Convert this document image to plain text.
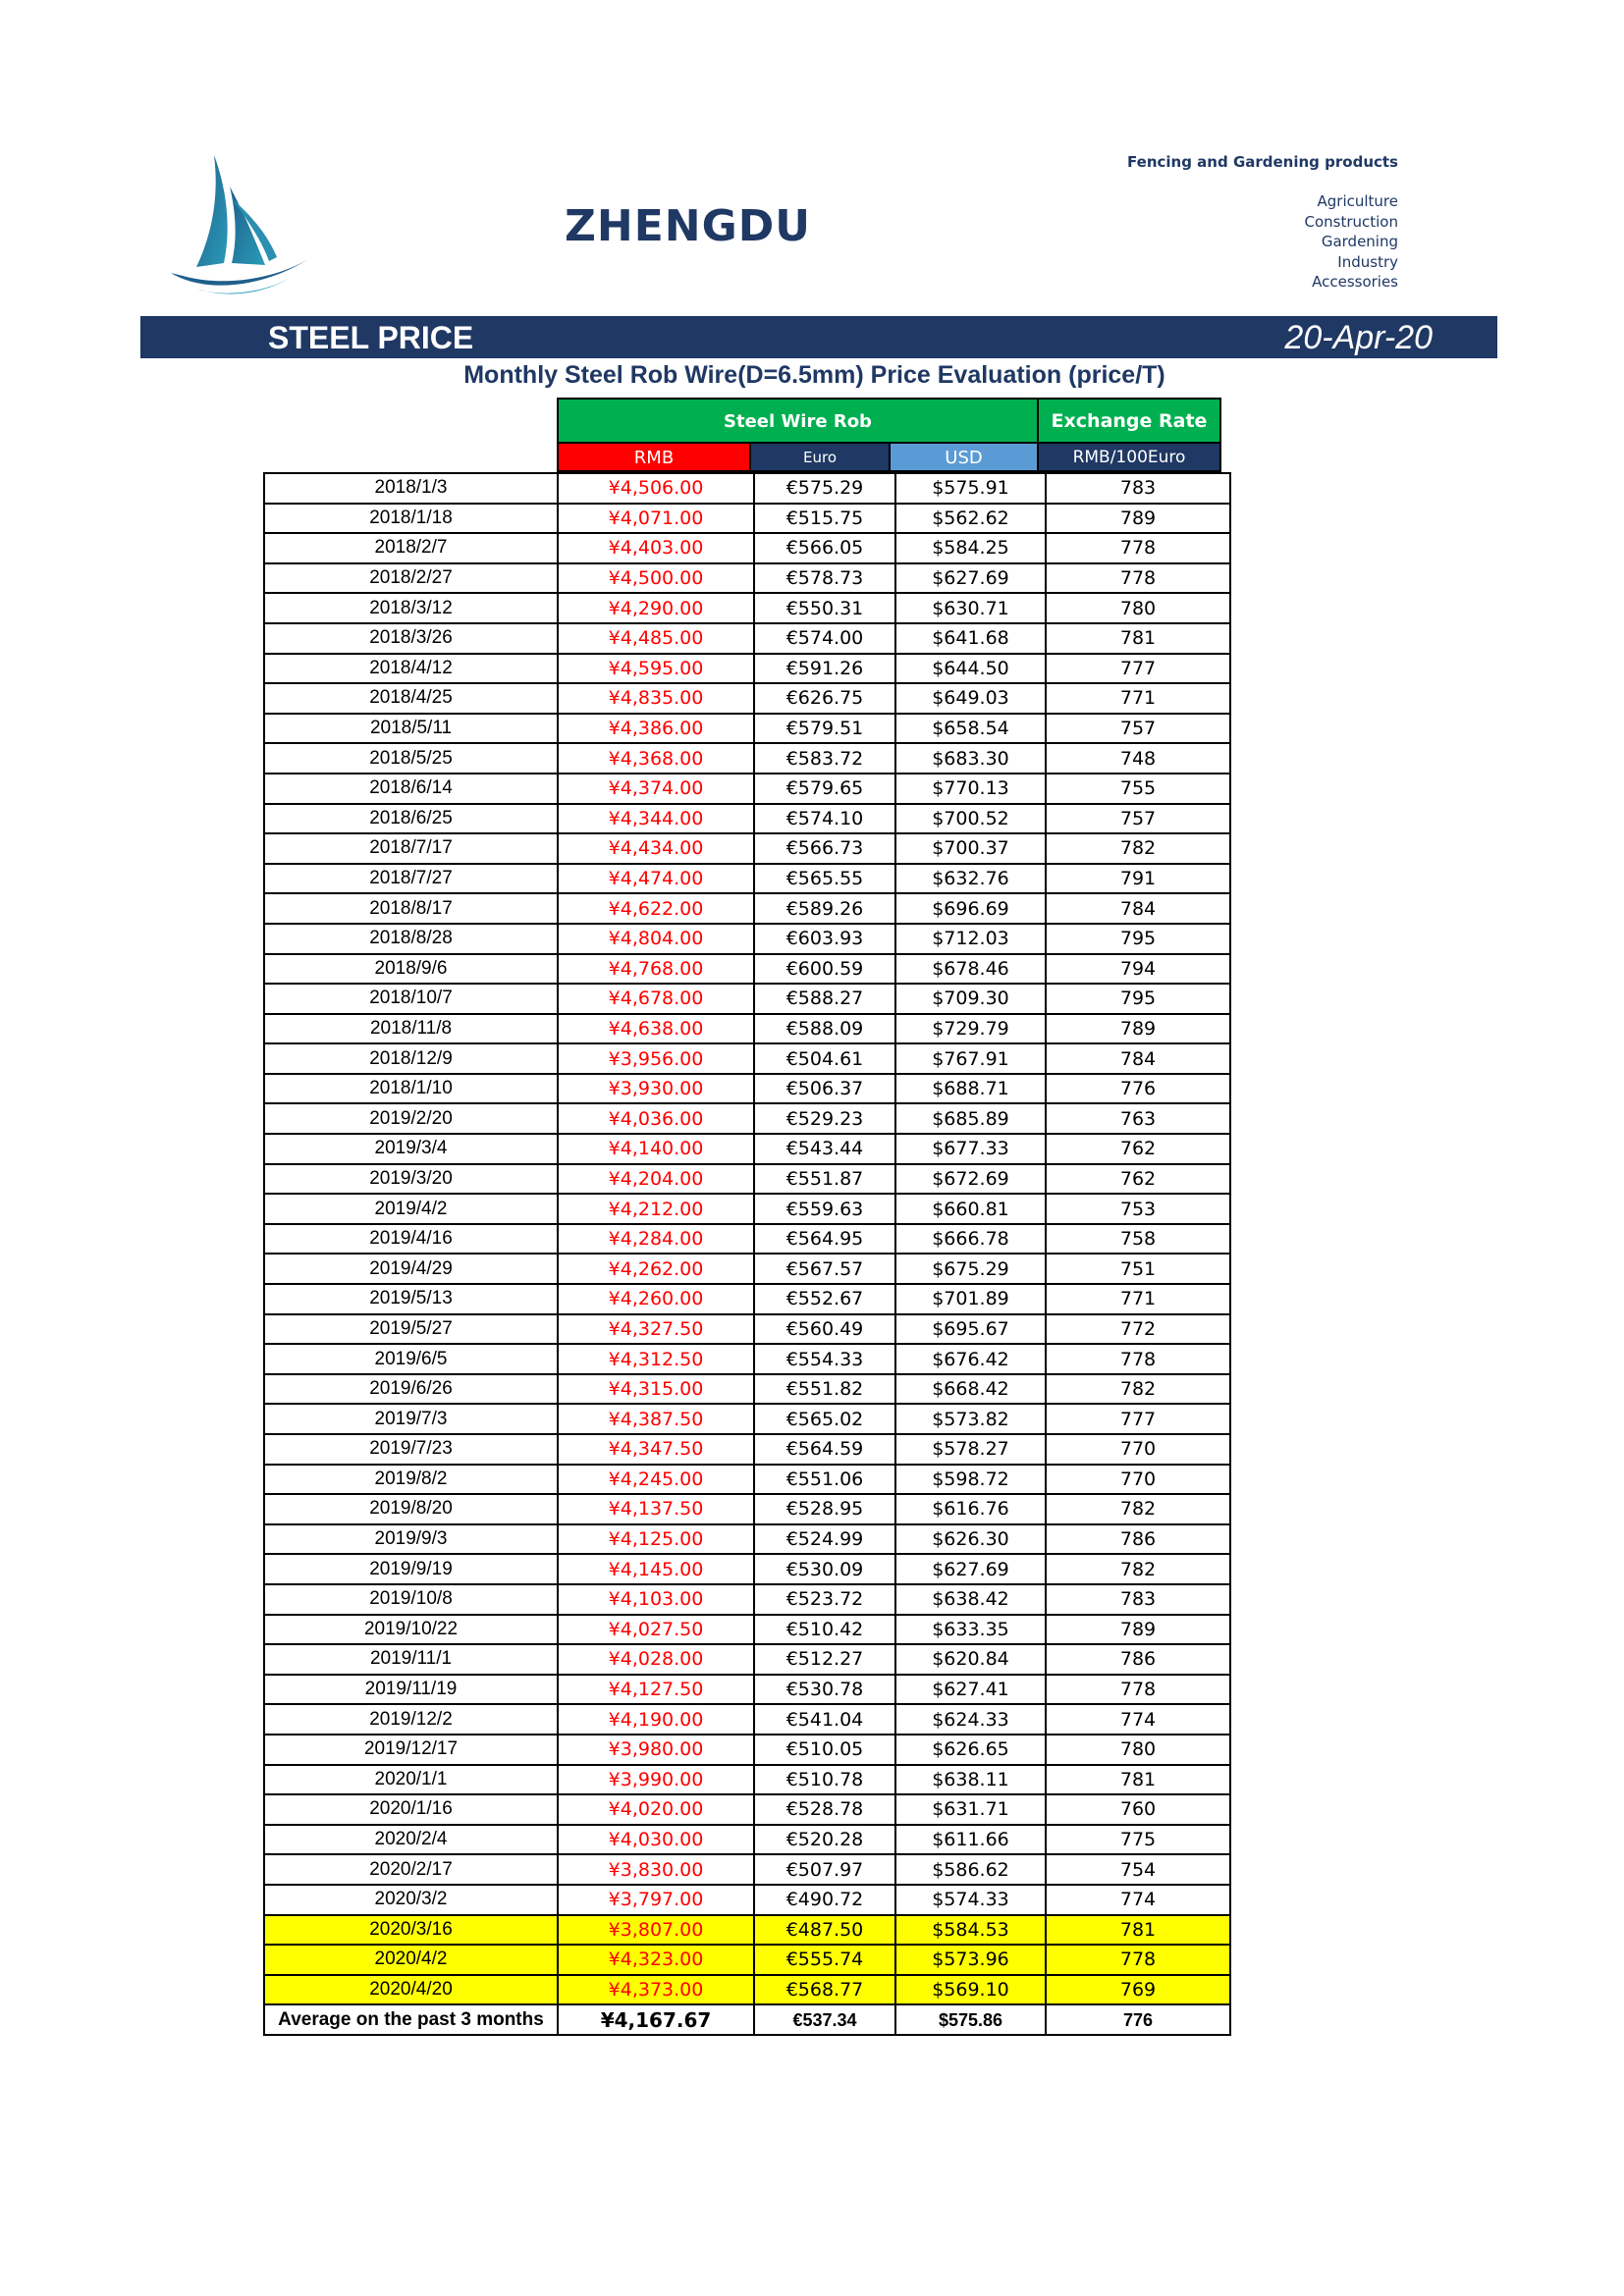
ZHENGDU
Fencing and Gardening products
Agriculture
Construction
Gardening
Industry
Accessories
STEEL PRICE	20-Apr-20
Monthly Steel Rob Wire(D=6.5mm) Price Evaluation (price/T)
Steel Wire Rob	Exchange Rate
RMB	Euro	USD	RMB/100Euro
2018/1/3	¥4,506.00	€575.29	$575.91	783
2018/1/18	¥4,071.00	€515.75	$562.62	789
2018/2/7	¥4,403.00	€566.05	$584.25	778
2018/2/27	¥4,500.00	€578.73	$627.69	778
2018/3/12	¥4,290.00	€550.31	$630.71	780
2018/3/26	¥4,485.00	€574.00	$641.68	781
2018/4/12	¥4,595.00	€591.26	$644.50	777
2018/4/25	¥4,835.00	€626.75	$649.03	771
2018/5/11	¥4,386.00	€579.51	$658.54	757
2018/5/25	¥4,368.00	€583.72	$683.30	748
2018/6/14	¥4,374.00	€579.65	$770.13	755
2018/6/25	¥4,344.00	€574.10	$700.52	757
2018/7/17	¥4,434.00	€566.73	$700.37	782
2018/7/27	¥4,474.00	€565.55	$632.76	791
2018/8/17	¥4,622.00	€589.26	$696.69	784
2018/8/28	¥4,804.00	€603.93	$712.03	795
2018/9/6	¥4,768.00	€600.59	$678.46	794
2018/10/7	¥4,678.00	€588.27	$709.30	795
2018/11/8	¥4,638.00	€588.09	$729.79	789
2018/12/9	¥3,956.00	€504.61	$767.91	784
2018/1/10	¥3,930.00	€506.37	$688.71	776
2019/2/20	¥4,036.00	€529.23	$685.89	763
2019/3/4	¥4,140.00	€543.44	$677.33	762
2019/3/20	¥4,204.00	€551.87	$672.69	762
2019/4/2	¥4,212.00	€559.63	$660.81	753
2019/4/16	¥4,284.00	€564.95	$666.78	758
2019/4/29	¥4,262.00	€567.57	$675.29	751
2019/5/13	¥4,260.00	€552.67	$701.89	771
2019/5/27	¥4,327.50	€560.49	$695.67	772
2019/6/5	¥4,312.50	€554.33	$676.42	778
2019/6/26	¥4,315.00	€551.82	$668.42	782
2019/7/3	¥4,387.50	€565.02	$573.82	777
2019/7/23	¥4,347.50	€564.59	$578.27	770
2019/8/2	¥4,245.00	€551.06	$598.72	770
2019/8/20	¥4,137.50	€528.95	$616.76	782
2019/9/3	¥4,125.00	€524.99	$626.30	786
2019/9/19	¥4,145.00	€530.09	$627.69	782
2019/10/8	¥4,103.00	€523.72	$638.42	783
2019/10/22	¥4,027.50	€510.42	$633.35	789
2019/11/1	¥4,028.00	€512.27	$620.84	786
2019/11/19	¥4,127.50	€530.78	$627.41	778
2019/12/2	¥4,190.00	€541.04	$624.33	774
2019/12/17	¥3,980.00	€510.05	$626.65	780
2020/1/1	¥3,990.00	€510.78	$638.11	781
2020/1/16	¥4,020.00	€528.78	$631.71	760
2020/2/4	¥4,030.00	€520.28	$611.66	775
2020/2/17	¥3,830.00	€507.97	$586.62	754
2020/3/2	¥3,797.00	€490.72	$574.33	774
2020/3/16	¥3,807.00	€487.50	$584.53	781
2020/4/2	¥4,323.00	€555.74	$573.96	778
2020/4/20	¥4,373.00	€568.77	$569.10	769
Average on the past 3 months	¥4,167.67	€537.34	$575.86	776
